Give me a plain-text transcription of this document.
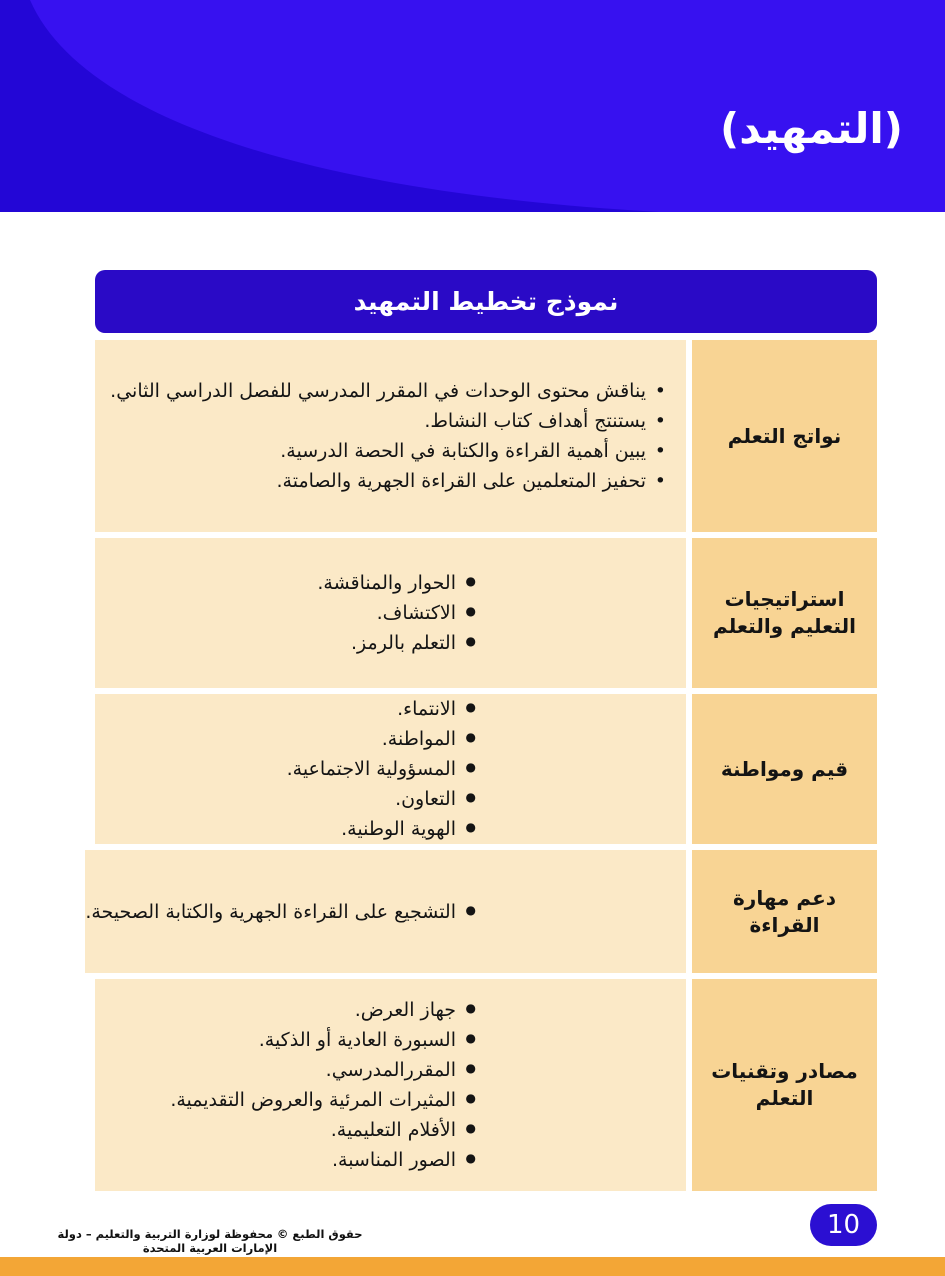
(التمهيد)
نموذج تخطيط التمهيد
نواتج التعلم
• يناقش محتوى الوحدات في المقرر المدرسي للفصل الدراسي الثاني.
• يستنتج أهداف كتاب النشاط.
• يبين أهمية القراءة والكتابة في الحصة الدرسية.
• تحفيز المتعلمين على القراءة الجهرية والصامتة.
استراتيجيات التعليم والتعلم
● الحوار والمناقشة.
● الاكتشاف.
● التعلم بالرمز.
قيم ومواطنة
● الانتماء.
● المواطنة.
● المسؤولية الاجتماعية.
● التعاون.
● الهوية الوطنية.
دعم مهارة القراءة
● التشجيع على القراءة الجهرية والكتابة الصحيحة.
مصادر وتقنيات التعلم
● جهاز العرض.
● السبورة العادية أو الذكية.
● المقررالمدرسي.
● المثيرات المرئية والعروض التقديمية.
● الأفلام التعليمية.
● الصور المناسبة.
حقوق الطبع © محفوظة لوزارة التربية والتعليم – دولة الإمارات العربية المتحدة
10
